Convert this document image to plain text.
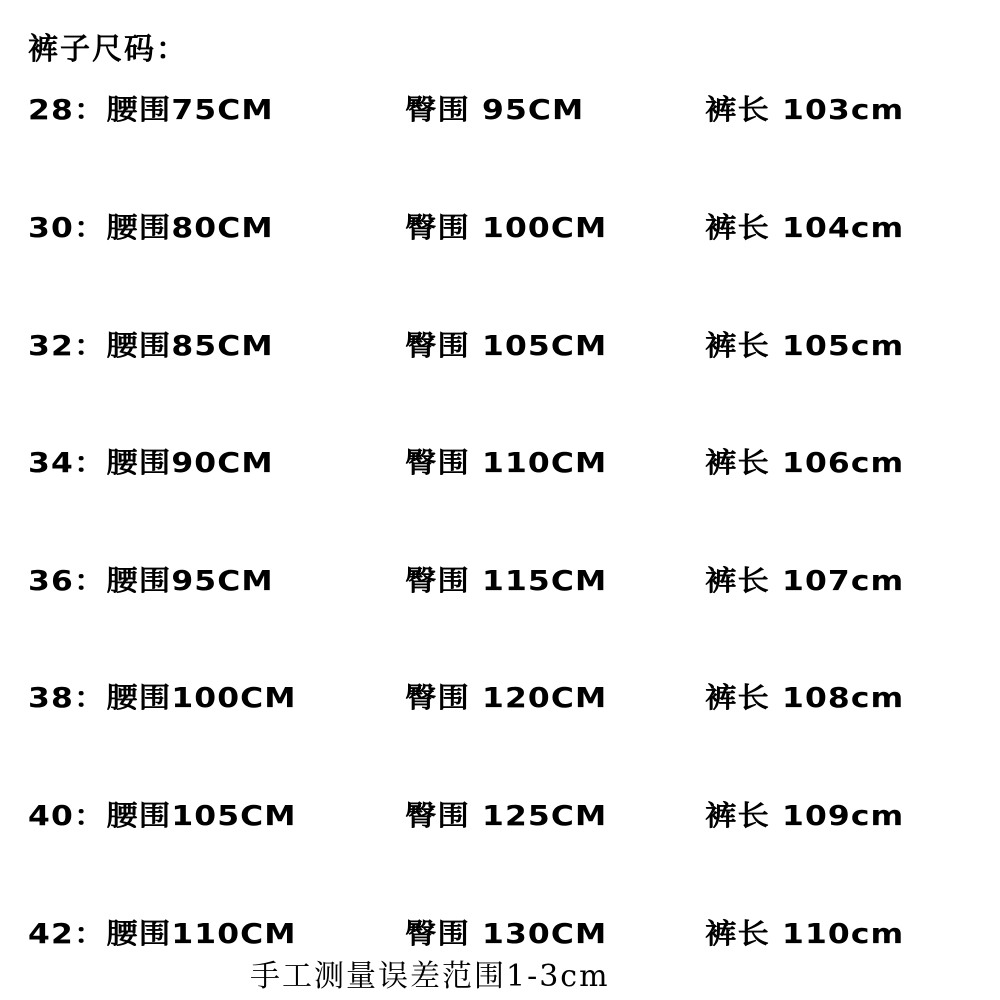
裤子尺码：
28：腰围75CM	臀围 95CM	裤长 103cm
30：腰围80CM	臀围 100CM	裤长 104cm
32：腰围85CM	臀围 105CM	裤长 105cm
34：腰围90CM	臀围 110CM	裤长 106cm
36：腰围95CM	臀围 115CM	裤长 107cm
38：腰围100CM	臀围 120CM	裤长 108cm
40：腰围105CM	臀围 125CM	裤长 109cm
42：腰围110CM	臀围 130CM	裤长 110cm
手工测量误差范围1-3cm
